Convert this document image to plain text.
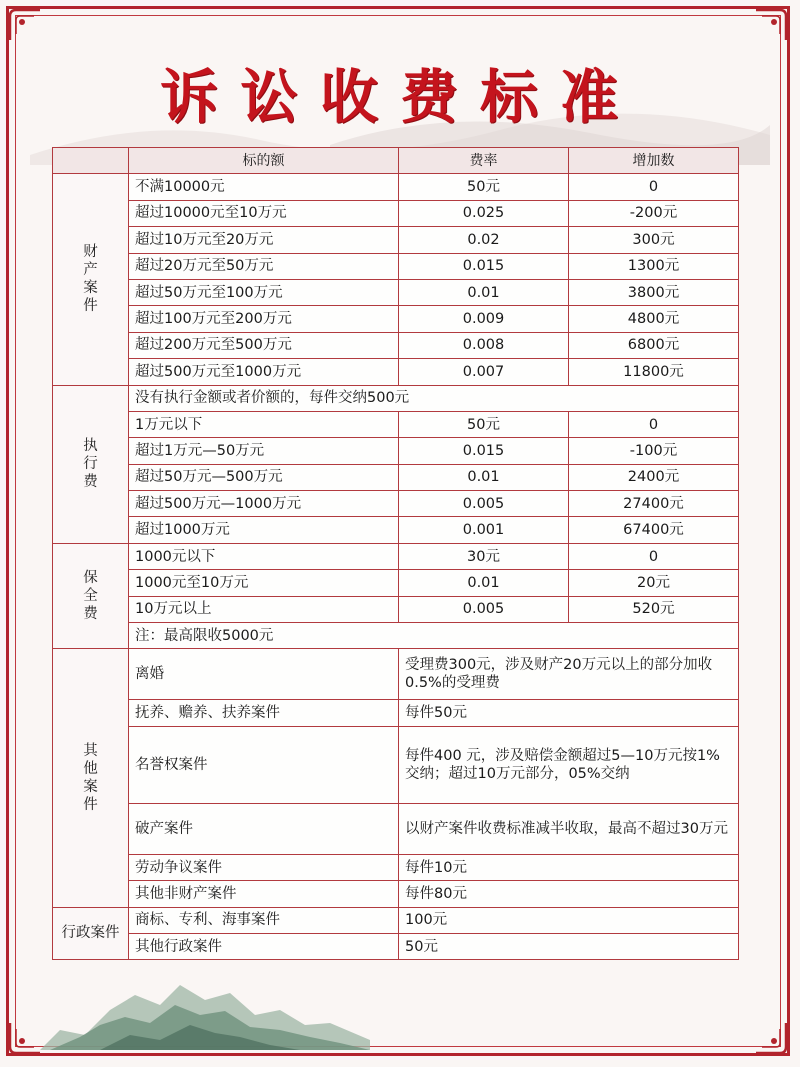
诉讼收费标准
	标的额	费率	增加数
财产案件	不满10000元	50元	0
	超过10000元至10万元	0.025	-200元
	超过10万元至20万元	0.02	300元
	超过20万元至50万元	0.015	1300元
	超过50万元至100万元	0.01	3800元
	超过100万元至200万元	0.009	4800元
	超过200万元至500万元	0.008	6800元
	超过500万元至1000万元	0.007	11800元
执行费	没有执行金额或者价额的，每件交纳500元		
	1万元以下	50元	0
	超过1万元—50万元	0.015	-100元
	超过50万元—500万元	0.01	2400元
	超过500万元—1000万元	0.005	27400元
	超过1000万元	0.001	67400元
保全费	1000元以下	30元	0
	1000元至10万元	0.01	20元
	10万元以上	0.005	520元
	注：最高限收5000元		
其他案件	离婚	受理费300元，涉及财产20万元以上的部分加收0.5%的受理费	
	抚养、赡养、扶养案件	每件50元	
	名誉权案件	每件400 元，涉及赔偿金额超过5—10万元按1%交纳；超过10万元部分，05%交纳	
	破产案件	以财产案件收费标准减半收取，最高不超过30万元	
	劳动争议案件	每件10元	
	其他非财产案件	每件80元	
行政案件	商标、专利、海事案件	100元	
	其他行政案件	50元	
